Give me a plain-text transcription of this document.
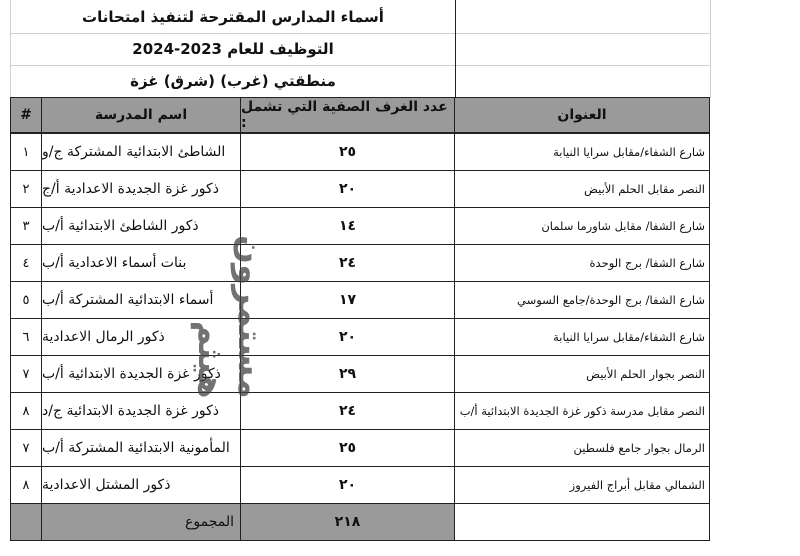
أسماء المدارس المقترحة لتنفيذ امتحانات
التوظيف للعام 2023-2024
منطقتي (غرب) (شرق) غزة
#	اسم المدرسة	عدد الغرف الصفية التي تشمل :	العنوان
١ الشاطئ الابتدائية المشتركة ج/و	٢٥	شارع الشفاء/مقابل سرايا النيابة
٢ ذكور غزة الجديدة الاعدادية أ/ج	٢٠	النصر مقابل الحلم الأبيض
٣ ذكور الشاطئ الابتدائية أ/ب	١٤	شارع الشفا/ مقابل شاورما سلمان
٤ بنات أسماء الاعدادية أ/ب	٢٤	شارع الشفا/ برج الوحدة
٥ أسماء الابتدائية المشتركة أ/ب	١٧	شارع الشفا/ برج الوحدة/جامع السوسي
٦ ذكور الرمال الاعدادية	٢٠	شارع الشفاء/مقابل سرايا النيابة
٧ ذكور غزة الجديدة الابتدائية أ/ب	٢٩	النصر بجوار الحلم الأبيض
٨ ذكور غزة الجديدة الابتدائية ج/د	٢٤	النصر مقابل مدرسة ذكور غزة الجديدة الابتدائية أ/ب
٧ المأمونية الابتدائية المشتركة أ/ب	٢٥	الرمال بجوار جامع فلسطين
٨ ذكور المشتل الاعدادية	٢٠	الشمالي مقابل أبراج الفيروز
المجموع	٢١٨
مستمرون
هيثم
